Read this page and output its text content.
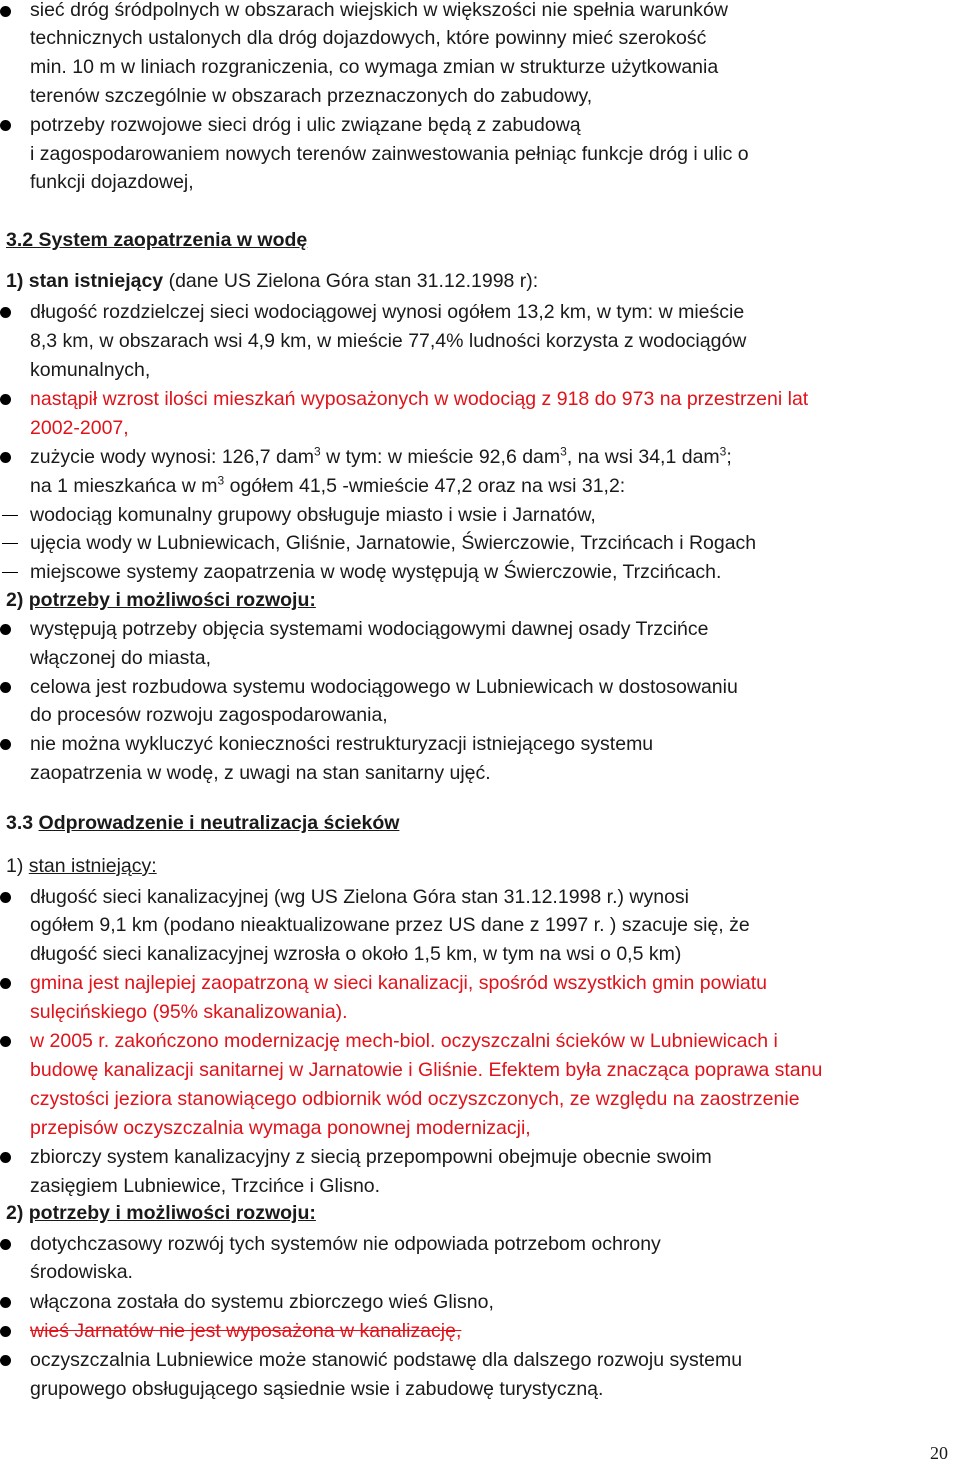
sieć dróg śródpolnych w obszarach wiejskich w większości nie spełnia warunków
technicznych ustalonych dla dróg dojazdowych, które powinny mieć szerokość
min. 10 m w liniach rozgraniczenia, co wymaga zmian w strukturze użytkowania
terenów szczególnie w obszarach przeznaczonych do zabudowy,
potrzeby rozwojowe sieci dróg i ulic związane będą z zabudową
i zagospodarowaniem nowych terenów zainwestowania pełniąc funkcje dróg i ulic o
funkcji dojazdowej,
3.2 System zaopatrzenia w wodę
1) stan istniejący (dane US Zielona Góra stan 31.12.1998 r):
długość rozdzielczej sieci wodociągowej wynosi ogółem 13,2 km, w tym: w mieście
8,3 km, w obszarach wsi 4,9 km, w mieście 77,4% ludności korzysta z wodociągów
komunalnych,
nastąpił wzrost ilości mieszkań wyposażonych w wodociąg z 918 do 973 na przestrzeni lat
2002-2007,
zużycie wody wynosi: 126,7 dam$^3$ w tym: w mieście 92,6 dam$^3$, na wsi 34,1 dam$^3$;
na 1 mieszkańca w $m^3$ ogółem 41,5 -wmieście 47,2 oraz na wsi 31,2:
wodociąg komunalny grupowy obsługuje miasto i wsie i Jarnatów,
ujęcia wody w Lubniewicach, Gliśnie, Jarnatowie, Świerczowie, Trzcińcach i Rogach
miejscowe systemy zaopatrzenia w wodę występują w Świerczowie, Trzcińcach.
2) potrzeby i możliwości rozwoju:
występują potrzeby objęcia systemami wodociągowymi dawnej osady Trzcińce
włączonej do miasta,
celowa jest rozbudowa systemu wodociągowego w Lubniewicach w dostosowaniu
do procesów rozwoju zagospodarowania,
nie można wykluczyć konieczności restrukturyzacji istniejącego systemu
zaopatrzenia w wodę, z uwagi na stan sanitarny ujęć.
3.3 Odprowadzenie i neutralizacja ścieków
1) stan istniejący:
długość sieci kanalizacyjnej (wg US Zielona Góra stan 31.12.1998 r.) wynosi
ogółem 9,1 km (podano nieaktualizowane przez US dane z 1997 r. ) szacuje się, że
długość sieci kanalizacyjnej wzrosła o około 1,5 km, w tym na wsi o 0,5 km)
gmina jest najlepiej zaopatrzoną w sieci kanalizacji, spośród wszystkich gmin powiatu
sulęcińskiego (95% skanalizowania).
w 2005 r. zakończono modernizację mech-biol. oczyszczalni ścieków w Lubniewicach i
budowę kanalizacji sanitarnej w Jarnatowie i Gliśnie. Efektem była znacząca poprawa stanu
czystości jeziora stanowiącego odbiornik wód oczyszczonych, ze względu na zaostrzenie
przepisów oczyszczalnia wymaga ponownej modernizacji,
zbiorczy system kanalizacyjny z siecią przepompowni obejmuje obecnie swoim
zasięgiem Lubniewice, Trzcińce i Glisno.
2) potrzeby i możliwości rozwoju:
dotychczasowy rozwój tych systemów nie odpowiada potrzebom ochrony
środowiska.
włączona została do systemu zbiorczego wieś Glisno,
wieś Jarnatów nie jest wyposażona w kanalizację,
oczyszczalnia Lubniewice może stanowić podstawę dla dalszego rozwoju systemu
grupowego obsługującego sąsiednie wsie i zabudowę turystyczną.
20
